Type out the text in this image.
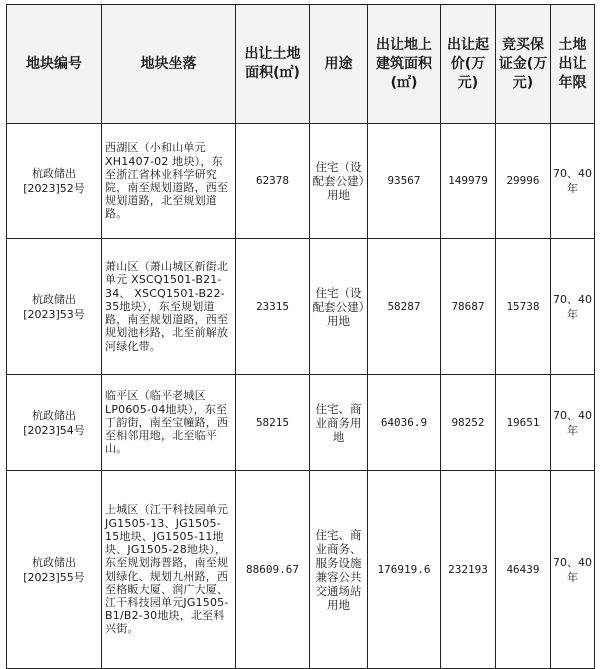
地块编号	地块坐落	出让土地面积(㎡)	用途	出让地上建筑面积(㎡)	出让起价(万元)	竞买保证金(万元)	土地出让年限
杭政储出[2023]52号	西湖区（小和山单元 XH1407-02 地块），东至浙江省林业科学研究院，南至规划道路，西至规划道路，北至规划道路。	62378	住宅（设配套公建）用地	93567	149979	29996	70、40年
杭政储出[2023]53号	萧山区（萧山城区新街北单元 XSCQ1501-B21-34、 XSCQ1501-B22-35地块），东至规划道路，南至规划道路，西至规划池杉路，北至前解放河绿化带。	23315	住宅（设配套公建）用地	58287	78687	15738	70、40年
杭政储出[2023]54号	临平区（临平老城区LP0605-04地块），东至丁韵街，南至宝幢路，西至相邻用地，北至临平山。	58215	住宅、商业商务用地	64036.9	98252	19651	70、40年
杭政储出[2023]55号	上城区（江干科技园单元JG1505-13、JG1505-15地块、JG1505-11地块、JG1505-28地块），东至规划海普路，南至规划绿化、规划九州路，西至格畈大厦、润广大厦、江干科技园单元JG1505-B1/B2-30地块，北至科兴街。	88609.67	住宅、商业商务、服务设施兼容公共交通场站用地	176919.6	232193	46439	70、40年
